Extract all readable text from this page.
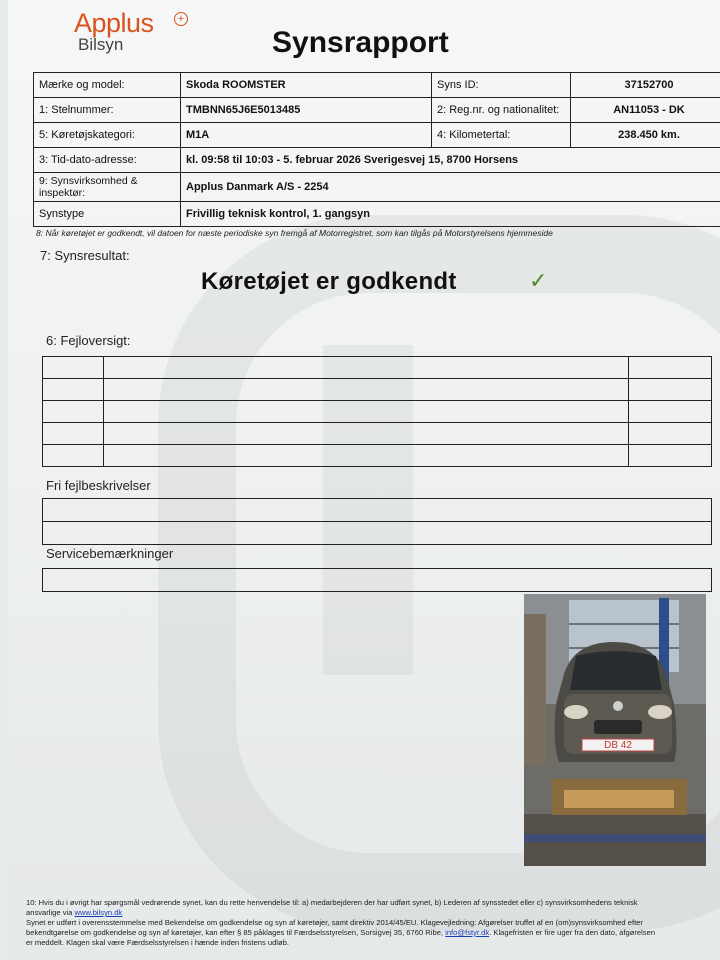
Applus	+
Bilsyn	Synsrapport
Mærke og model:	Skoda ROOMSTER	Syns ID:	37152700
1: Stelnummer:	TMBNN65J6E5013485	2: Reg.nr. og nationalitet:	AN11053 - DK
5: Køretøjskategori:	M1A	4: Kilometertal:	238.450 km.
3: Tid-dato-adresse:	kl. 09:58 til 10:03 - 5. februar 2026 Sverigesvej 15, 8700 Horsens		
9: Synsvirksomhed & inspektør:	Applus Danmark A/S - 2254		
Synstype	Frivillig teknisk kontrol, 1. gangsyn		
8: Når køretøjet er godkendt, vil datoen for næste periodiske syn fremgå af Motorregistret, som kan tilgås på Motorstyrelsens hjemmeside
7: Synsresultat:
Køretøjet er godkendt	✓
6: Fejloversigt:

Fri fejlbeskrivelser
Servicebemærkninger
DB 42
10: Hvis du i øvrigt har spørgsmål vedrørende synet, kan du rette henvendelse til: a) medarbejderen der har udført synet, b) Lederen af synsstedet eller c) synsvirksomhedens teknisk
ansvarlige via www.bilsyn.dk
Synet er udført i overensstemmelse med Bekendelse om godkendelse og syn af køretøjer, samt direktiv 2014/45/EU. Klagevejledning: Afgørelser truffet af en (om)synsvirksomhed efter
bekendtgørelse om godkendelse og syn af køretøjer, kan efter § 85 påklages til Færdselsstyrelsen, Sorsigvej 35, 6760 Ribe, info@fstyr.dk. Klagefristen er fire uger fra den dato, afgørelsen
er meddelt. Klagen skal være Færdselsstyrelsen i hænde inden fristens udløb.
